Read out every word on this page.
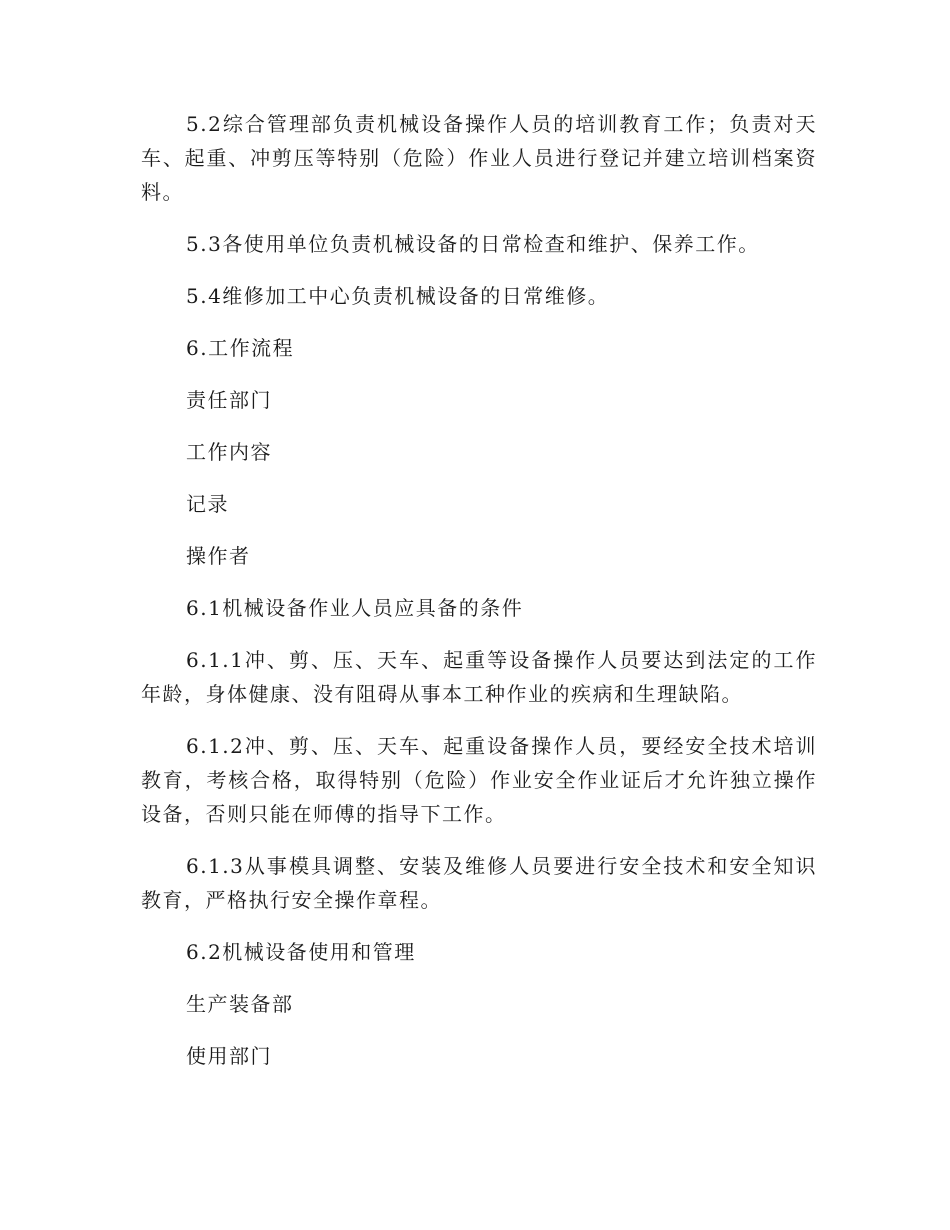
5.2综合管理部负责机械设备操作人员的培训教育工作；负责对天车、起重、冲剪压等特别（危险）作业人员进行登记并建立培训档案资料。

5.3各使用单位负责机械设备的日常检查和维护、保养工作。

5.4维修加工中心负责机械设备的日常维修。

6.工作流程

责任部门

工作内容

记录

操作者

6.1机械设备作业人员应具备的条件

6.1.1冲、剪、压、天车、起重等设备操作人员要达到法定的工作年龄，身体健康、没有阻碍从事本工种作业的疾病和生理缺陷。

6.1.2冲、剪、压、天车、起重设备操作人员，要经安全技术培训教育，考核合格，取得特别（危险）作业安全作业证后才允许独立操作设备，否则只能在师傅的指导下工作。

6.1.3从事模具调整、安装及维修人员要进行安全技术和安全知识教育，严格执行安全操作章程。

6.2机械设备使用和管理

生产装备部

使用部门
